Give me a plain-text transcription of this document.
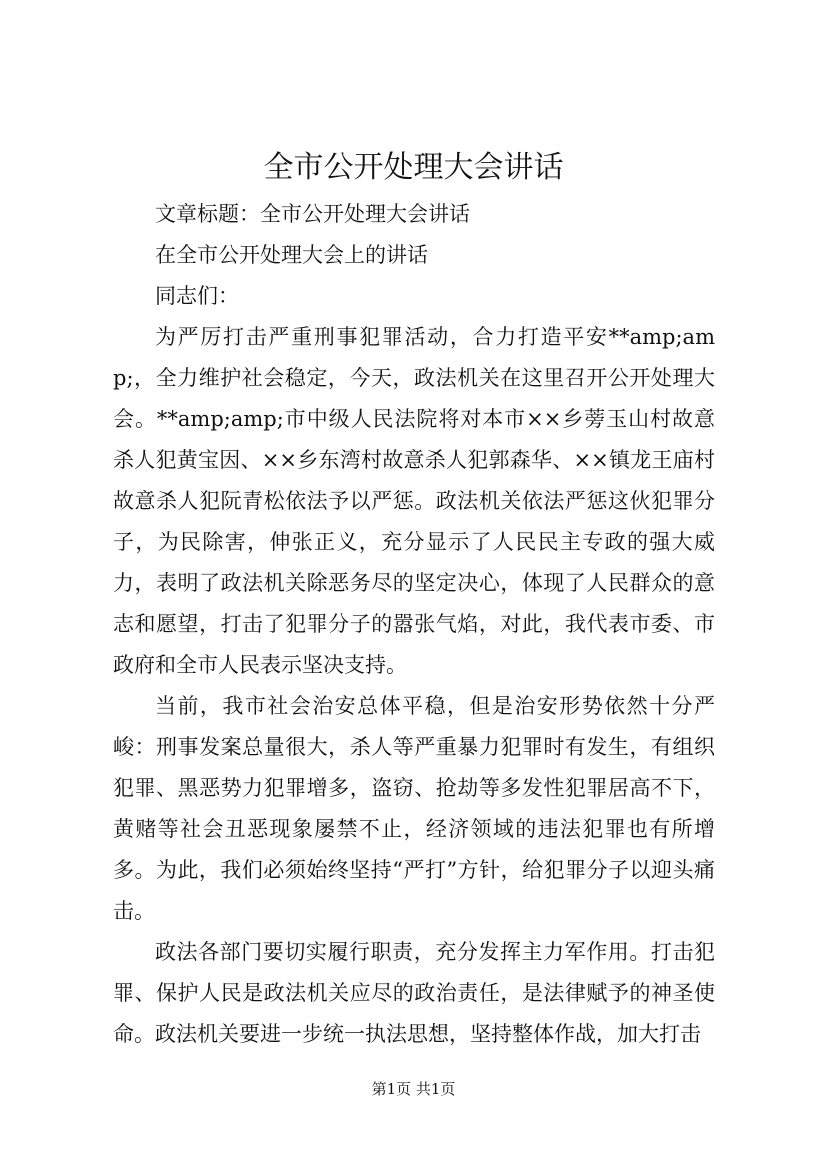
全市公开处理大会讲话

文章标题：全市公开处理大会讲话

在全市公开处理大会上的讲话

同志们：

为严厉打击严重刑事犯罪活动，合力打造平安**amp;amp;，全力维护社会稳定，今天，政法机关在这里召开公开处理大会。**amp;amp;市中级人民法院将对本市××乡蒡玉山村故意杀人犯黄宝因、××乡东湾村故意杀人犯郭森华、××镇龙王庙村故意杀人犯阮青松依法予以严惩。政法机关依法严惩这伙犯罪分子，为民除害，伸张正义，充分显示了人民民主专政的强大威力，表明了政法机关除恶务尽的坚定决心，体现了人民群众的意志和愿望，打击了犯罪分子的嚣张气焰，对此，我代表市委、市政府和全市人民表示坚决支持。

当前，我市社会治安总体平稳，但是治安形势依然十分严峻：刑事发案总量很大，杀人等严重暴力犯罪时有发生，有组织犯罪、黑恶势力犯罪增多，盗窃、抢劫等多发性犯罪居高不下，黄赌等社会丑恶现象屡禁不止，经济领域的违法犯罪也有所增多。为此，我们必须始终坚持“严打”方针，给犯罪分子以迎头痛击。

政法各部门要切实履行职责，充分发挥主力军作用。打击犯罪、保护人民是政法机关应尽的政治责任，是法律赋予的神圣使命。政法机关要进一步统一执法思想，坚持整体作战，加大打击

第1页 共1页
